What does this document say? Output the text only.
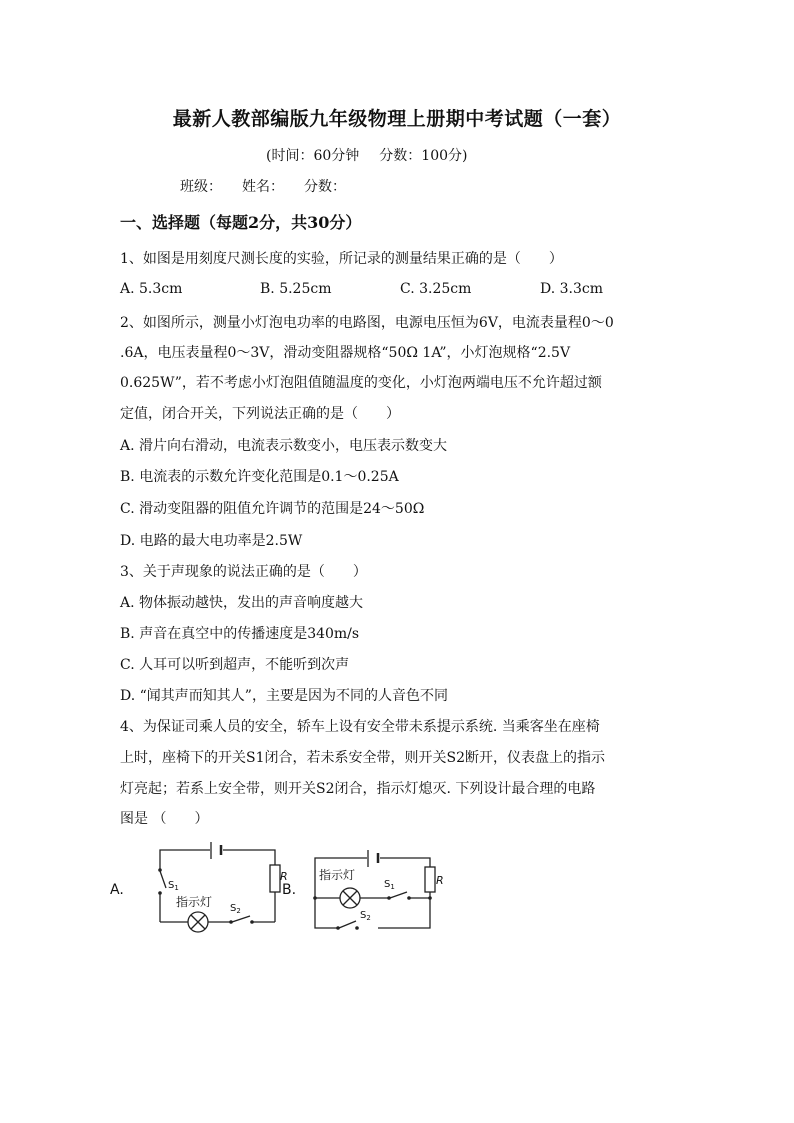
最新人教部编版九年级物理上册期中考试题（一套）
(时间：60分钟 分数：100分)
班级： 姓名： 分数：
一、选择题（每题2分，共30分）
1、如图是用刻度尺测长度的实验，所记录的测量结果正确的是（　　）
A. 5.3cm	B. 5.25cm	C. 3.25cm	D. 3.3cm
2、如图所示，测量小灯泡电功率的电路图，电源电压恒为6V，电流表量程0～0
.6A，电压表量程0～3V，滑动变阻器规格“50Ω 1A”，小灯泡规格“2.5V
0.625W”，若不考虑小灯泡阻值随温度的变化，小灯泡两端电压不允许超过额
定值，闭合开关，下列说法正确的是（　　）
A. 滑片向右滑动，电流表示数变小，电压表示数变大
B. 电流表的示数允许变化范围是0.1～0.25A
C. 滑动变阻器的阻值允许调节的范围是24～50Ω
D. 电路的最大电功率是2.5W
3、关于声现象的说法正确的是（　　）
A. 物体振动越快，发出的声音响度越大
B. 声音在真空中的传播速度是340m/s
C. 人耳可以听到超声，不能听到次声
D. “闻其声而知其人”，主要是因为不同的人音色不同
4、为保证司乘人员的安全，轿车上设有安全带未系提示系统. 当乘客坐在座椅
上时，座椅下的开关S1闭合，若未系安全带，则开关S2断开，仪表盘上的指示
灯亮起；若系上安全带，则开关S2闭合，指示灯熄灭. 下列设计最合理的电路
图是 （　　）
A.	B.
R	R
$S_1$
$S_2$
指示灯
指示灯
$S_1$
$S_2$
